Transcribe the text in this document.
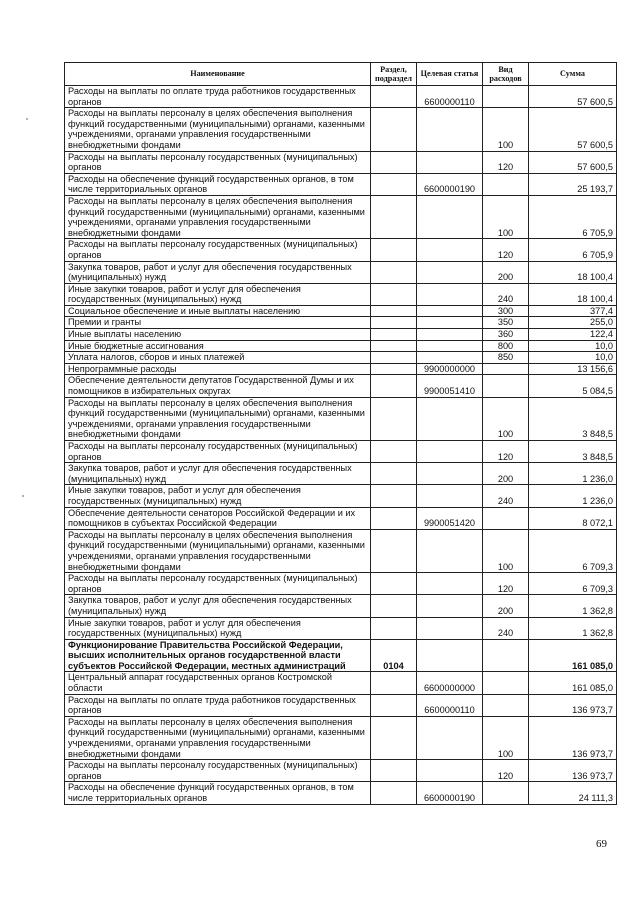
Наименование	Раздел, подраздел	Целевая статья	Вид расходов	Сумма
Расходы на выплаты по оплате труда работников государственных органов		6600000110		57 600,5
Расходы на выплаты персоналу в целях обеспечения выполнения функций государственными (муниципальными) органами, казенными учреждениями, органами управления государственными внебюджетными фондами			100	57 600,5
Расходы на выплаты персоналу государственных (муниципальных) органов			120	57 600,5
Расходы на обеспечение функций государственных органов, в том числе территориальных органов		6600000190		25 193,7
Расходы на выплаты персоналу в целях обеспечения выполнения функций государственными (муниципальными) органами, казенными учреждениями, органами управления государственными внебюджетными фондами			100	6 705,9
Расходы на выплаты персоналу государственных (муниципальных) органов			120	6 705,9
Закупка товаров, работ и услуг для обеспечения государственных (муниципальных) нужд			200	18 100,4
Иные закупки товаров, работ и услуг для обеспечения государственных (муниципальных) нужд			240	18 100,4
Социальное обеспечение и иные выплаты населению			300	377,4
Премии и гранты			350	255,0
Иные выплаты населению			360	122,4
Иные бюджетные ассигнования			800	10,0
Уплата налогов, сборов и иных платежей			850	10,0
Непрограммные расходы		9900000000		13 156,6
Обеспечение деятельности депутатов Государственной Думы и их помощников в избирательных округах		9900051410		5 084,5
Расходы на выплаты персоналу в целях обеспечения выполнения функций государственными (муниципальными) органами, казенными учреждениями, органами управления государственными внебюджетными фондами			100	3 848,5
Расходы на выплаты персоналу государственных (муниципальных) органов			120	3 848,5
Закупка товаров, работ и услуг для обеспечения государственных (муниципальных) нужд			200	1 236,0
Иные закупки товаров, работ и услуг для обеспечения государственных (муниципальных) нужд			240	1 236,0
Обеспечение деятельности сенаторов Российской Федерации и их помощников в субъектах Российской Федерации		9900051420		8 072,1
Расходы на выплаты персоналу в целях обеспечения выполнения функций государственными (муниципальными) органами, казенными учреждениями, органами управления государственными внебюджетными фондами			100	6 709,3
Расходы на выплаты персоналу государственных (муниципальных) органов			120	6 709,3
Закупка товаров, работ и услуг для обеспечения государственных (муниципальных) нужд			200	1 362,8
Иные закупки товаров, работ и услуг для обеспечения государственных (муниципальных) нужд			240	1 362,8
Функционирование Правительства Российской Федерации, высших исполнительных органов государственной власти субъектов Российской Федерации, местных администраций	0104			161 085,0
Центральный аппарат государственных органов Костромской области		6600000000		161 085,0
Расходы на выплаты по оплате труда работников государственных органов		6600000110		136 973,7
Расходы на выплаты персоналу в целях обеспечения выполнения функций государственными (муниципальными) органами, казенными учреждениями, органами управления государственными внебюджетными фондами			100	136 973,7
Расходы на выплаты персоналу государственных (муниципальных) органов			120	136 973,7
Расходы на обеспечение функций государственных органов, в том числе территориальных органов		6600000190		24 111,3
69
